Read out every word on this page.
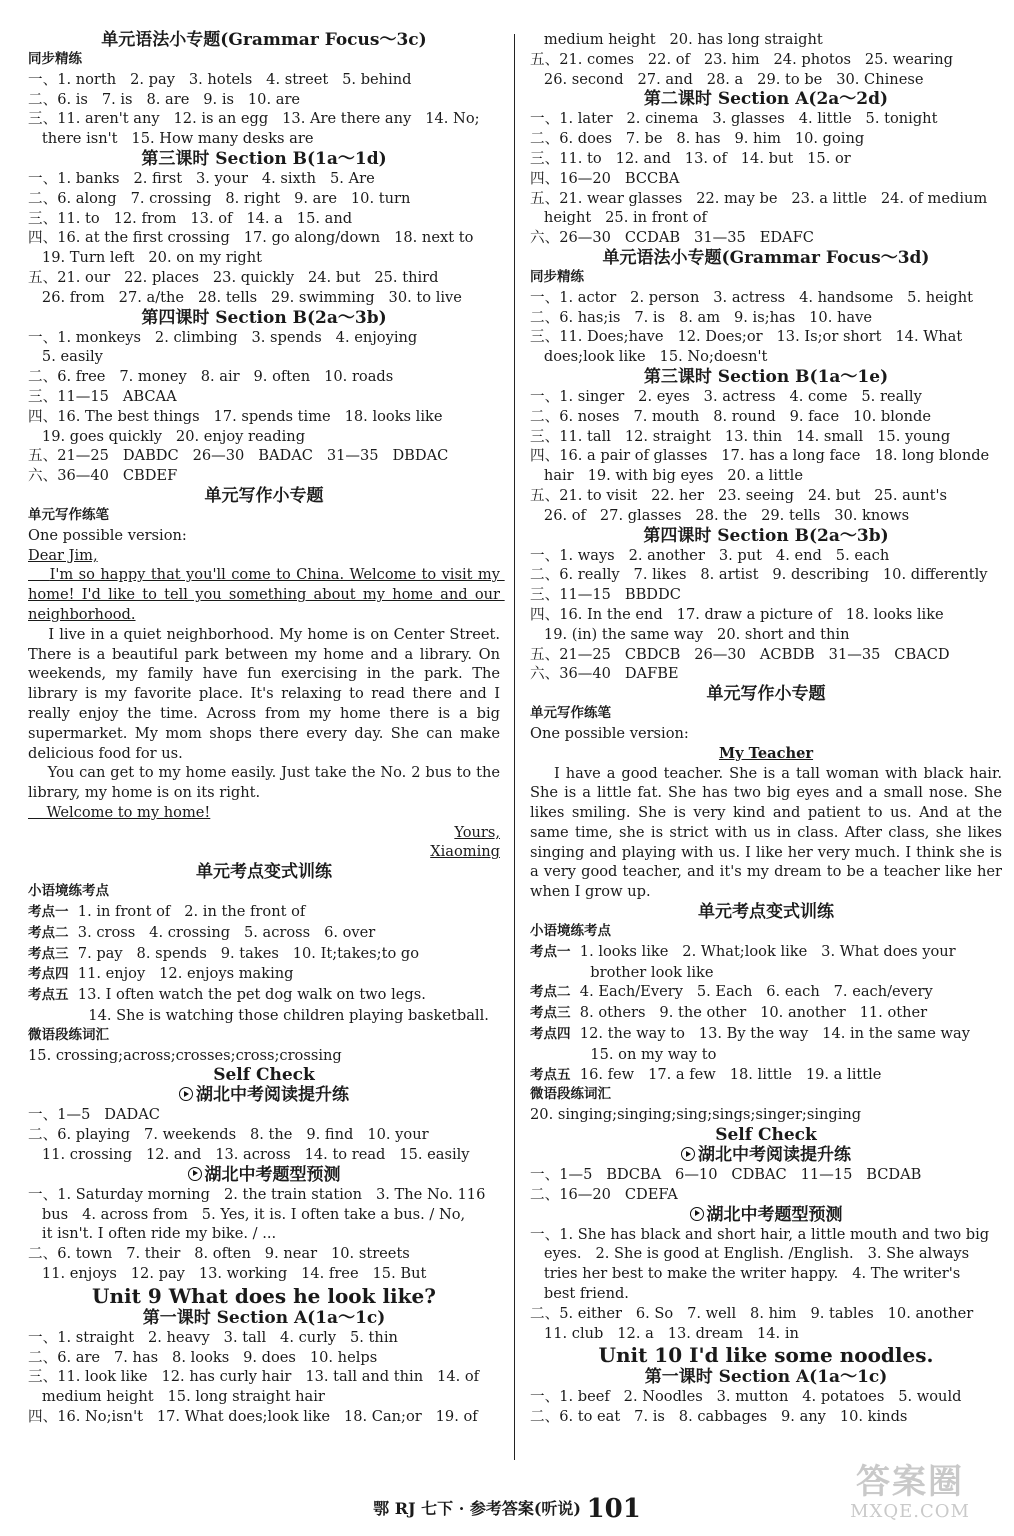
单元语法小专题(Grammar Focus～3c)
同步精练
一、1. north   2. pay   3. hotels   4. street   5. behind
二、6. is   7. is   8. are   9. is   10. are
三、11. aren't any   12. is an egg   13. Are there any   14. No;
there isn't   15. How many desks are
第三课时 Section B(1a～1d)
一、1. banks   2. first   3. your   4. sixth   5. Are
二、6. along   7. crossing   8. right   9. are   10. turn
三、11. to   12. from   13. of   14. a   15. and
四、16. at the first crossing   17. go along/down   18. next to
19. Turn left   20. on my right
五、21. our   22. places   23. quickly   24. but   25. third
26. from   27. a/the   28. tells   29. swimming   30. to live
第四课时 Section B(2a～3b)
一、1. monkeys   2. climbing   3. spends   4. enjoying
5. easily
二、6. free   7. money   8. air   9. often   10. roads
三、11—15   ABCAA
四、16. The best things   17. spends time   18. looks like
19. goes quickly   20. enjoy reading
五、21—25   DABDC   26—30   BADAC   31—35   DBDAC
六、36—40   CBDEF
单元写作小专题
单元写作练笔
One possible version:
Dear Jim,
I'm so happy that you'll come to China. Welcome to visit my home! I'd like to tell you something about my home and our neighborhood.
I live in a quiet neighborhood. My home is on Center Street. There is a beautiful park between my home and a library. On weekends, my family have fun exercising in the park. The library is my favorite place. It's relaxing to read there and I really enjoy the time. Across from my home there is a big supermarket. My mom shops there every day. She can make delicious food for us.
You can get to my home easily. Just take the No. 2 bus to the library, my home is on its right.
Welcome to my home!
Yours,
Xiaoming
单元考点变式训练
小语境练考点
考点一  1. in front of   2. in the front of
考点二  3. cross   4. crossing   5. across   6. over
考点三  7. pay   8. spends   9. takes   10. It;takes;to go
考点四  11. enjoy   12. enjoys making
考点五  13. I often watch the pet dog walk on two legs.
14. She is watching those children playing basketball.
微语段练词汇
15. crossing;across;crosses;cross;crossing
Self Check
湖北中考阅读提升练
一、1—5   DADAC
二、6. playing   7. weekends   8. the   9. find   10. your
11. crossing   12. and   13. across   14. to read   15. easily
湖北中考题型预测
一、1. Saturday morning   2. the train station   3. The No. 116
bus   4. across from   5. Yes, it is. I often take a bus. / No,
it isn't. I often ride my bike. / ...
二、6. town   7. their   8. often   9. near   10. streets
11. enjoys   12. pay   13. working   14. free   15. But
Unit 9 What does he look like?
第一课时 Section A(1a～1c)
一、1. straight   2. heavy   3. tall   4. curly   5. thin
二、6. are   7. has   8. looks   9. does   10. helps
三、11. look like   12. has curly hair   13. tall and thin   14. of
medium height   15. long straight hair
四、16. No;isn't   17. What does;look like   18. Can;or   19. of
medium height   20. has long straight
五、21. comes   22. of   23. him   24. photos   25. wearing
26. second   27. and   28. a   29. to be   30. Chinese
第二课时 Section A(2a～2d)
一、1. later   2. cinema   3. glasses   4. little   5. tonight
二、6. does   7. be   8. has   9. him   10. going
三、11. to   12. and   13. of   14. but   15. or
四、16—20   BCCBA
五、21. wear glasses   22. may be   23. a little   24. of medium
height   25. in front of
六、26—30   CCDAB   31—35   EDAFC
单元语法小专题(Grammar Focus～3d)
同步精练
一、1. actor   2. person   3. actress   4. handsome   5. height
二、6. has;is   7. is   8. am   9. is;has   10. have
三、11. Does;have   12. Does;or   13. Is;or short   14. What
does;look like   15. No;doesn't
第三课时 Section B(1a～1e)
一、1. singer   2. eyes   3. actress   4. come   5. really
二、6. noses   7. mouth   8. round   9. face   10. blonde
三、11. tall   12. straight   13. thin   14. small   15. young
四、16. a pair of glasses   17. has a long face   18. long blonde
hair   19. with big eyes   20. a little
五、21. to visit   22. her   23. seeing   24. but   25. aunt's
26. of   27. glasses   28. the   29. tells   30. knows
第四课时 Section B(2a～3b)
一、1. ways   2. another   3. put   4. end   5. each
二、6. really   7. likes   8. artist   9. describing   10. differently
三、11—15   BBDDC
四、16. In the end   17. draw a picture of   18. looks like
19. (in) the same way   20. short and thin
五、21—25   CBDCB   26—30   ACBDB   31—35   CBACD
六、36—40   DAFBE
单元写作小专题
单元写作练笔
One possible version:
My Teacher
I have a good teacher. She is a tall woman with black hair. She is a little fat. She has two big eyes and a small nose. She likes smiling. She is very kind and patient to us. And at the same time, she is strict with us in class. After class, she likes singing and playing with us. I like her very much. I think she is a very good teacher, and it's my dream to be a teacher like her when I grow up.
单元考点变式训练
小语境练考点
考点一  1. looks like   2. What;look like   3. What does your
brother look like
考点二  4. Each/Every   5. Each   6. each   7. each/every
考点三  8. others   9. the other   10. another   11. other
考点四  12. the way to   13. By the way   14. in the same way
15. on my way to
考点五  16. few   17. a few   18. little   19. a little
微语段练词汇
20. singing;singing;sing;sings;singer;singing
Self Check
湖北中考阅读提升练
一、1—5   BDCBA   6—10   CDBAC   11—15   BCDAB
二、16—20   CDEFA
湖北中考题型预测
一、1. She has black and short hair, a little mouth and two big
eyes.   2. She is good at English. /English.   3. She always
tries her best to make the writer happy.   4. The writer's
best friend.
二、5. either   6. So   7. well   8. him   9. tables   10. another
11. club   12. a   13. dream   14. in
Unit 10 I'd like some noodles.
第一课时 Section A(1a～1c)
一、1. beef   2. Noodles   3. mutton   4. potatoes   5. would
二、6. to eat   7. is   8. cabbages   9. any   10. kinds
鄂 RJ 七下 · 参考答案(听说) 101
答案圈
MXQE.COM
